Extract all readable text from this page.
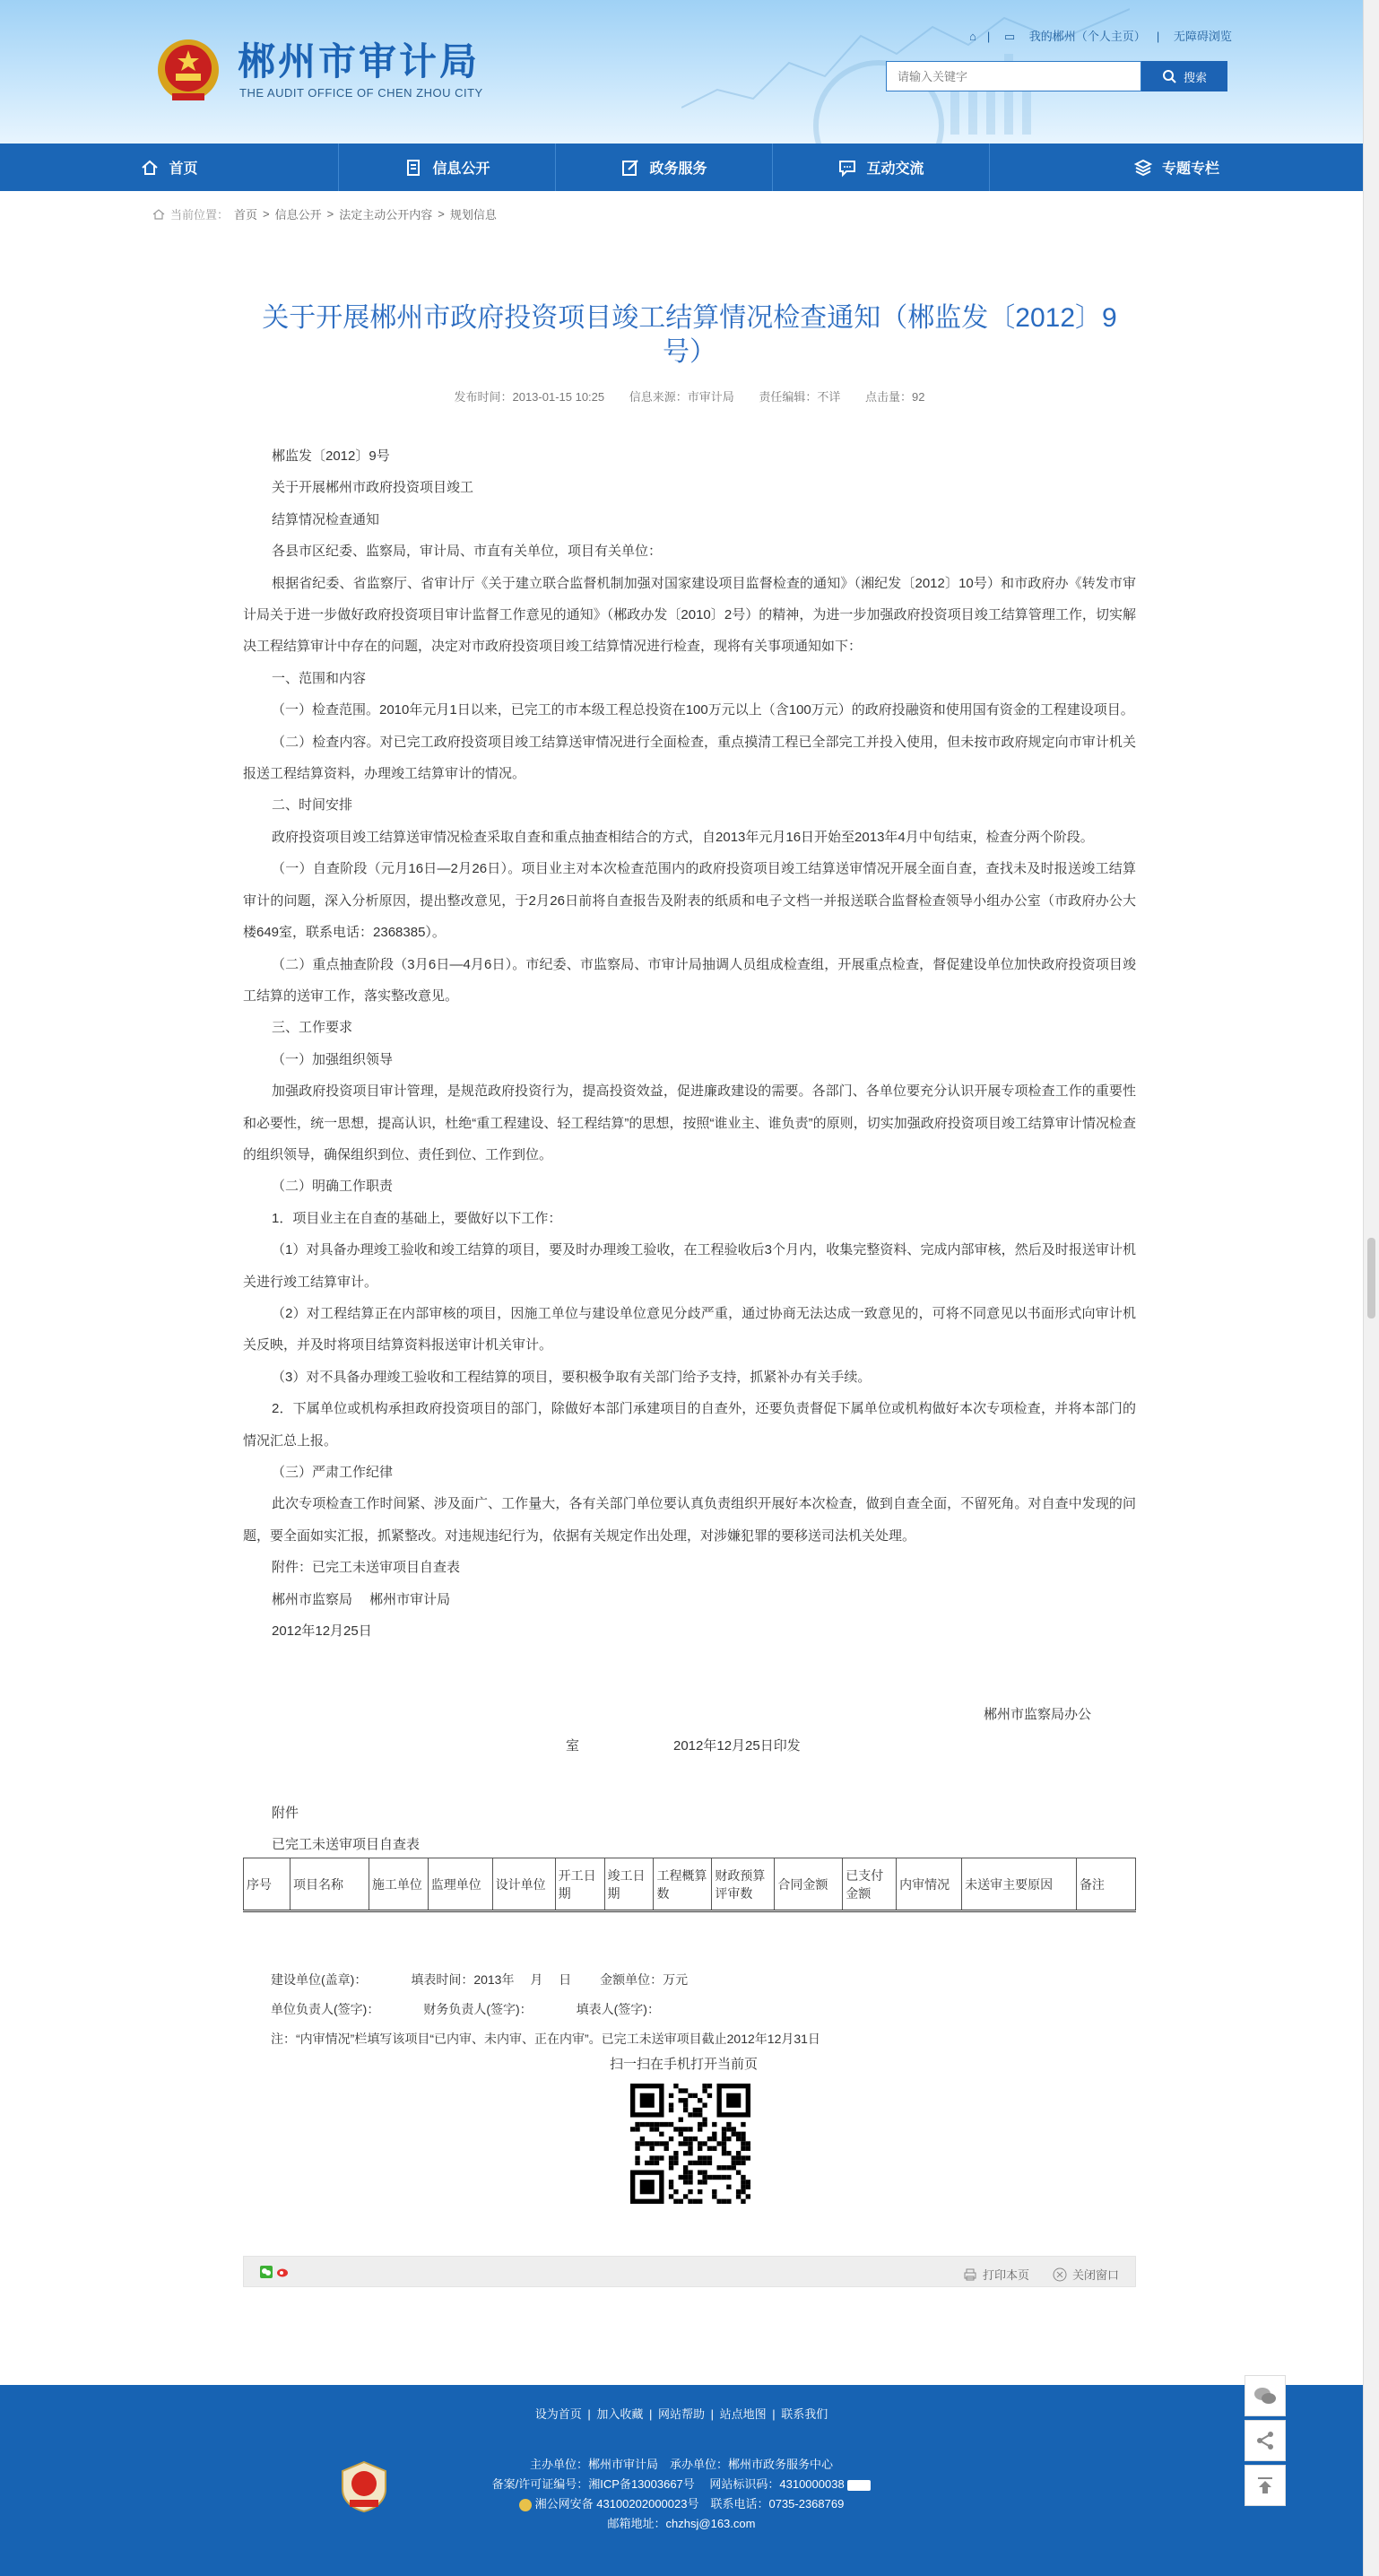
郴州市审计局
THE AUDIT OFFICE OF CHEN ZHOU CITY
⌂ | ▭ 我的郴州（个人主页） | 无障碍浏览
请输入关键字
搜索
首页	信息公开	政务服务	互动交流	专题专栏
当前位置： 首页 > 信息公开 > 法定主动公开内容 > 规划信息
关于开展郴州市政府投资项目竣工结算情况检查通知（郴监发〔2012〕9号）
发布时间：2013-01-15 10:25 信息来源：市审计局 责任编辑：不详 点击量：92

郴监发〔2012〕9号

关于开展郴州市政府投资项目竣工

结算情况检查通知

各县市区纪委、监察局，审计局、市直有关单位，项目有关单位：

根据省纪委、省监察厅、省审计厅《关于建立联合监督机制加强对国家建设项目监督检查的通知》（湘纪发〔2012〕10号）和市政府办《转发市审计局关于进一步做好政府投资项目审计监督工作意见的通知》（郴政办发〔2010〕2号）的精神，为进一步加强政府投资项目竣工结算管理工作，切实解决工程结算审计中存在的问题，决定对市政府投资项目竣工结算情况进行检查，现将有关事项通知如下：

一、范围和内容

（一）检查范围。2010年元月1日以来，已完工的市本级工程总投资在100万元以上（含100万元）的政府投融资和使用国有资金的工程建设项目。

（二）检查内容。对已完工政府投资项目竣工结算送审情况进行全面检查，重点摸清工程已全部完工并投入使用，但未按市政府规定向市审计机关报送工程结算资料，办理竣工结算审计的情况。

二、时间安排

政府投资项目竣工结算送审情况检查采取自查和重点抽查相结合的方式，自2013年元月16日开始至2013年4月中旬结束，检查分两个阶段。

（一）自查阶段（元月16日—2月26日）。项目业主对本次检查范围内的政府投资项目竣工结算送审情况开展全面自查，查找未及时报送竣工结算审计的问题，深入分析原因，提出整改意见，于2月26日前将自查报告及附表的纸质和电子文档一并报送联合监督检查领导小组办公室（市政府办公大楼649室，联系电话：2368385）。

（二）重点抽查阶段（3月6日—4月6日）。市纪委、市监察局、市审计局抽调人员组成检查组，开展重点检查，督促建设单位加快政府投资项目竣工结算的送审工作，落实整改意见。

三、工作要求

（一）加强组织领导

加强政府投资项目审计管理，是规范政府投资行为，提高投资效益，促进廉政建设的需要。各部门、各单位要充分认识开展专项检查工作的重要性和必要性，统一思想，提高认识，杜绝“重工程建设、轻工程结算”的思想，按照“谁业主、谁负责”的原则，切实加强政府投资项目竣工结算审计情况检查的组织领导，确保组织到位、责任到位、工作到位。

（二）明确工作职责

1．项目业主在自查的基础上，要做好以下工作：

（1）对具备办理竣工验收和竣工结算的项目，要及时办理竣工验收，在工程验收后3个月内，收集完整资料、完成内部审核，然后及时报送审计机关进行竣工结算审计。

（2）对工程结算正在内部审核的项目，因施工单位与建设单位意见分歧严重，通过协商无法达成一致意见的，可将不同意见以书面形式向审计机关反映，并及时将项目结算资料报送审计机关审计。

（3）对不具备办理竣工验收和工程结算的项目，要积极争取有关部门给予支持，抓紧补办有关手续。

2．下属单位或机构承担政府投资项目的部门，除做好本部门承建项目的自查外，还要负责督促下属单位或机构做好本次专项检查，并将本部门的情况汇总上报。

（三）严肃工作纪律

此次专项检查工作时间紧、涉及面广、工作量大，各有关部门单位要认真负责组织开展好本次检查，做到自查全面，不留死角。对自查中发现的问题，要全面如实汇报，抓紧整改。对违规违纪行为，依据有关规定作出处理，对涉嫌犯罪的要移送司法机关处理。

附件：已完工未送审项目自查表

郴州市监察局　 郴州市审计局

2012年12月25日

郴州市监察局办公
室	2012年12月25日印发
附件
已完工未送审项目自查表
序号	项目名称	施工单位	监理单位	设计单位	开工日期	竣工日期	工程概算数	财政预算评审数	合同金额	已支付金额	内审情况	未送审主要原因	备注
建设单位(盖章)：　　　　填表时间：2013年　 月　 日　　 金额单位：万元
单位负责人(签字)：　　　　财务负责人(签字)：　　　　填表人(签字)：
注：“内审情况”栏填写该项目“已内审、未内审、正在内审”。已完工未送审项目截止2012年12月31日
扫一扫在手机打开当前页
打印本页	关闭窗口
设为首页 | 加入收藏 | 网站帮助 | 站点地图 | 联系我们
主办单位：郴州市审计局　承办单位：郴州市政务服务中心
备案/许可证编号：湘ICP备13003667号　 网站标识码：4310000038
湘公网安备 43100202000023号　联系电话：0735-2368769
邮箱地址：chzhsj@163.com
